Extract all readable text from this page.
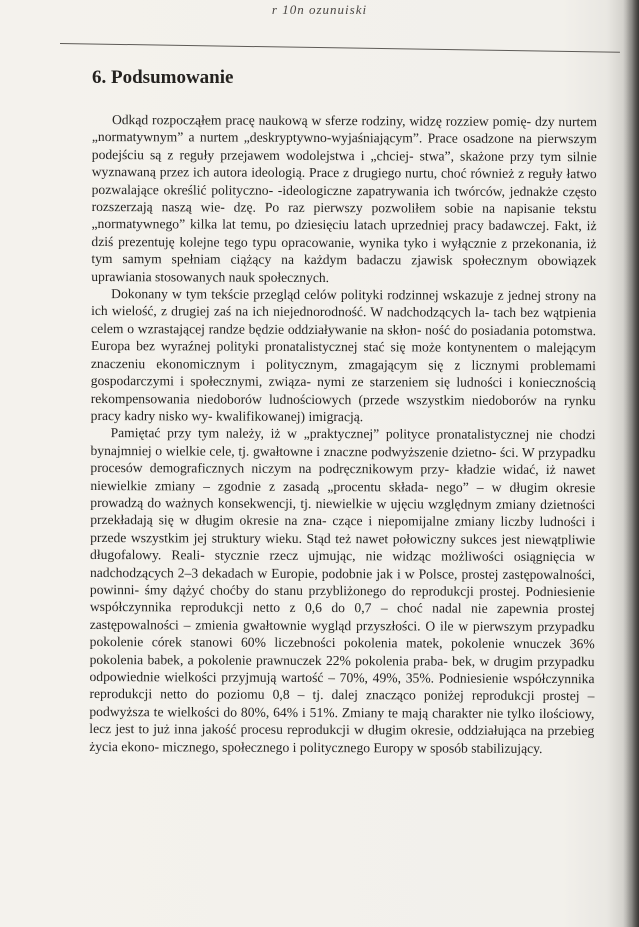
r 10n ozunuiski
6. Podsumowanie

Odkąd rozpocząłem pracę naukową w sferze rodziny, widzę rozziew pomię- dzy nurtem „normatywnym” a nurtem „deskryptywno-wyjaśniającym”. Prace osadzone na pierwszym podejściu są z reguły przejawem wodolejstwa i „chciej- stwa”, skażone przy tym silnie wyznawaną przez ich autora ideologią. Prace z drugiego nurtu, choć również z reguły łatwo pozwalające określić polityczno- -ideologiczne zapatrywania ich twórców, jednakże często rozszerzają naszą wie- dzę. Po raz pierwszy pozwoliłem sobie na napisanie tekstu „normatywnego” kilka lat temu, po dziesięciu latach uprzedniej pracy badawczej. Fakt, iż dziś prezentuję kolejne tego typu opracowanie, wynika tyko i wyłącznie z przekonania, iż tym samym spełniam ciążący na każdym badaczu zjawisk społecznym obowiązek uprawiania stosowanych nauk społecznych.

Dokonany w tym tekście przegląd celów polityki rodzinnej wskazuje z jednej strony na ich wielość, z drugiej zaś na ich niejednorodność. W nadchodzących la- tach bez wątpienia celem o wzrastającej randze będzie oddziaływanie na skłon- ność do posiadania potomstwa. Europa bez wyraźnej polityki pronatalistycznej stać się może kontynentem o malejącym znaczeniu ekonomicznym i politycznym, zmagającym się z licznymi problemami gospodarczymi i społecznymi, związa- nymi ze starzeniem się ludności i koniecznością rekompensowania niedoborów ludnościowych (przede wszystkim niedoborów na rynku pracy kadry nisko wy- kwalifikowanej) imigracją.

Pamiętać przy tym należy, iż w „praktycznej” polityce pronatalistycznej nie chodzi bynajmniej o wielkie cele, tj. gwałtowne i znaczne podwyższenie dzietno- ści. W przypadku procesów demograficznych niczym na podręcznikowym przy- kładzie widać, iż nawet niewielkie zmiany – zgodnie z zasadą „procentu składa- nego” – w długim okresie prowadzą do ważnych konsekwencji, tj. niewielkie w ujęciu względnym zmiany dzietności przekładają się w długim okresie na zna- czące i niepomijalne zmiany liczby ludności i przede wszystkim jej struktury wieku. Stąd też nawet połowiczny sukces jest niewątpliwie długofalowy. Reali- stycznie rzecz ujmując, nie widząc możliwości osiągnięcia w nadchodzących 2–3 dekadach w Europie, podobnie jak i w Polsce, prostej zastępowalności, powinni- śmy dążyć choćby do stanu przybliżonego do reprodukcji prostej. Podniesienie współczynnika reprodukcji netto z 0,6 do 0,7 – choć nadal nie zapewnia prostej zastępowalności – zmienia gwałtownie wygląd przyszłości. O ile w pierwszym przypadku pokolenie córek stanowi 60% liczebności pokolenia matek, pokolenie wnuczek 36% pokolenia babek, a pokolenie prawnuczek 22% pokolenia praba- bek, w drugim przypadku odpowiednie wielkości przyjmują wartość – 70%, 49%, 35%. Podniesienie współczynnika reprodukcji netto do poziomu 0,8 – tj. dalej znacząco poniżej reprodukcji prostej – podwyższa te wielkości do 80%, 64% i 51%. Zmiany te mają charakter nie tylko ilościowy, lecz jest to już inna jakość procesu reprodukcji w długim okresie, oddziałująca na przebieg życia ekono- micznego, społecznego i politycznego Europy w sposób stabilizujący.
